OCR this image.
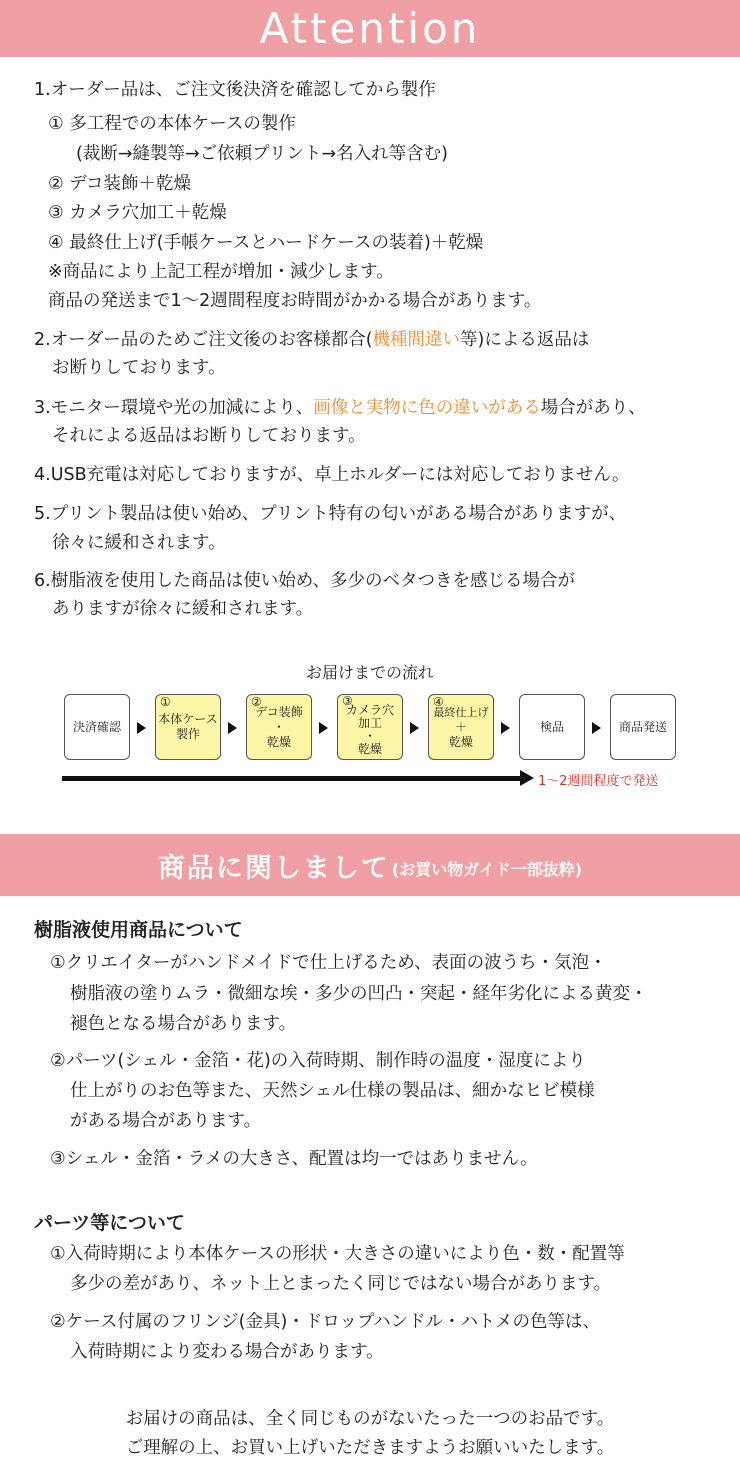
Attention
1.オーダー品は、ご注文後決済を確認してから製作
① 多工程での本体ケースの製作
(裁断→縫製等→ご依頼プリント→名入れ等含む)
② デコ装飾＋乾燥
③ カメラ穴加工＋乾燥
④ 最終仕上げ(手帳ケースとハードケースの装着)＋乾燥
※商品により上記工程が増加・減少します。
商品の発送まで1〜2週間程度お時間がかかる場合があります。
2.オーダー品のためご注文後のお客様都合(機種間違い等)による返品は
お断りしております。
3.モニター環境や光の加減により、画像と実物に色の違いがある場合があり、
それによる返品はお断りしております。
4.USB充電は対応しておりますが、卓上ホルダーには対応しておりません。
5.プリント製品は使い始め、プリント特有の匂いがある場合がありますが、
徐々に緩和されます。
6.樹脂液を使用した商品は使い始め、多少のベタつきを感じる場合が
ありますが徐々に緩和されます。
お届けまでの流れ
決済確認
①
本体ケース
製作
②
デコ装飾
・
乾燥
③
カメラ穴
加工
・
乾燥
④
最終仕上げ
＋
乾燥
検品	商品発送
1〜2週間程度で発送
商品に関しまして (お買い物ガイド一部抜粋)
樹脂液使用商品について
①クリエイターがハンドメイドで仕上げるため、表面の波うち・気泡・
樹脂液の塗りムラ・微細な埃・多少の凹凸・突起・経年劣化による黄変・
褪色となる場合があります。
②パーツ(シェル・金箔・花)の入荷時期、制作時の温度・湿度により
仕上がりのお色等また、天然シェル仕様の製品は、細かなヒビ模様
がある場合があります。
③シェル・金箔・ラメの大きさ、配置は均一ではありません。
パーツ等について
①入荷時期により本体ケースの形状・大きさの違いにより色・数・配置等
多少の差があり、ネット上とまったく同じではない場合があります。
②ケース付属のフリンジ(金具)・ドロップハンドル・ハトメの色等は、
入荷時期により変わる場合があります。
お届けの商品は、全く同じものがないたった一つのお品です。
ご理解の上、お買い上げいただきますようお願いいたします。
